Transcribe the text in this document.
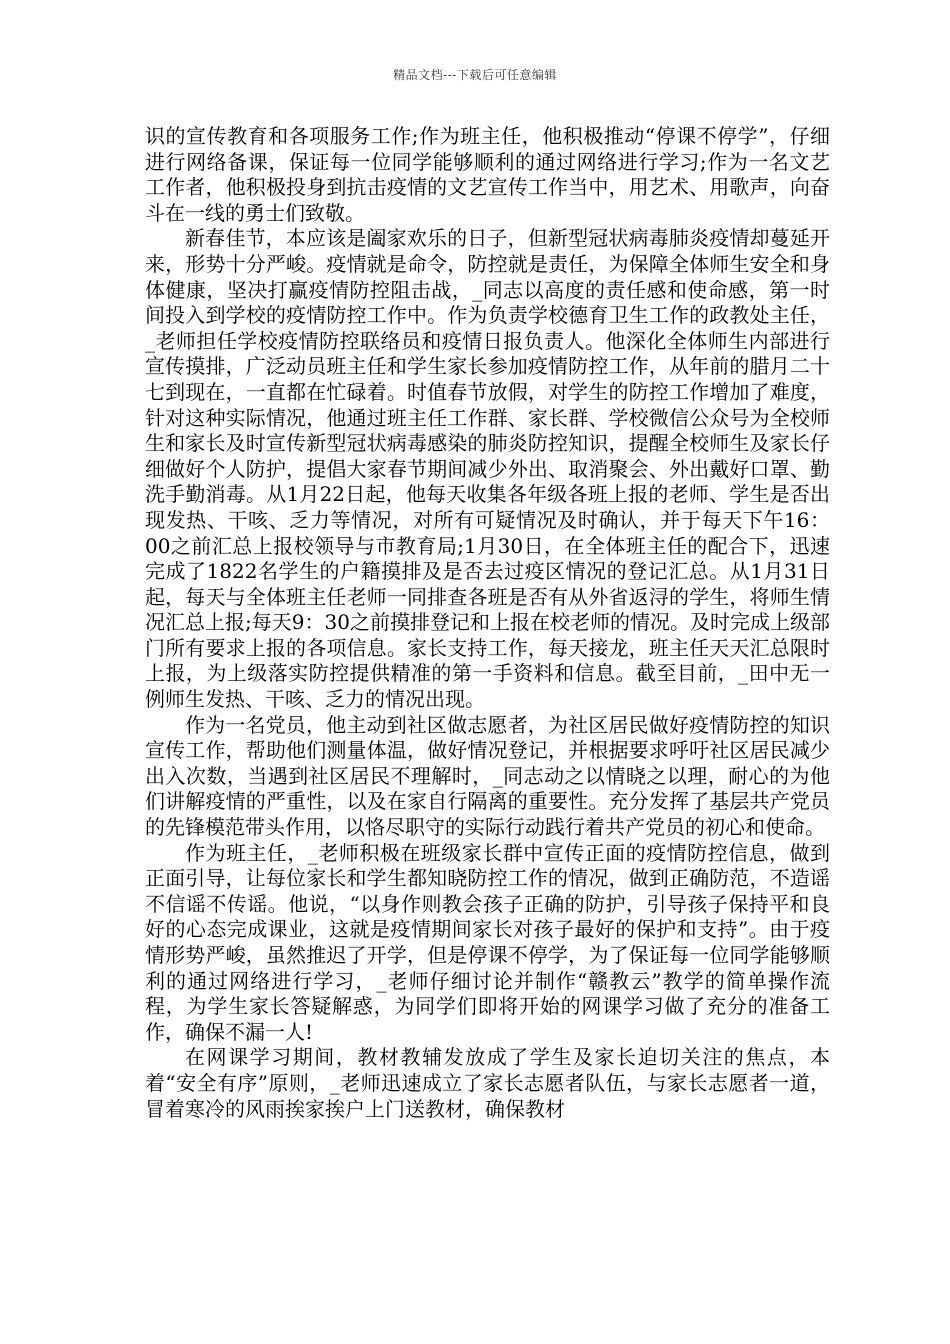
精品文档---下载后可任意编辑

识的宣传教育和各项服务工作;作为班主任，他积极推动“停课不停学”，仔细进行网络备课，保证每一位同学能够顺利的通过网络进行学习;作为一名文艺工作者，他积极投身到抗击疫情的文艺宣传工作当中，用艺术、用歌声，向奋斗在一线的勇士们致敬。

新春佳节，本应该是阖家欢乐的日子，但新型冠状病毒肺炎疫情却蔓延开来，形势十分严峻。疫情就是命令，防控就是责任，为保障全体师生安全和身体健康，坚决打赢疫情防控阻击战，_同志以高度的责任感和使命感，第一时间投入到学校的疫情防控工作中。作为负责学校德育卫生工作的政教处主任，_老师担任学校疫情防控联络员和疫情日报负责人。他深化全体师生内部进行宣传摸排，广泛动员班主任和学生家长参加疫情防控工作，从年前的腊月二十七到现在，一直都在忙碌着。时值春节放假，对学生的防控工作增加了难度，针对这种实际情况，他通过班主任工作群、家长群、学校微信公众号为全校师生和家长及时宣传新型冠状病毒感染的肺炎防控知识，提醒全校师生及家长仔细做好个人防护，提倡大家春节期间减少外出、取消聚会、外出戴好口罩、勤洗手勤消毒。从1月22日起，他每天收集各年级各班上报的老师、学生是否出现发热、干咳、乏力等情况，对所有可疑情况及时确认，并于每天下午16：00之前汇总上报校领导与市教育局;1月30日，在全体班主任的配合下，迅速完成了1822名学生的户籍摸排及是否去过疫区情况的登记汇总。从1月31日起，每天与全体班主任老师一同排查各班是否有从外省返浔的学生，将师生情况汇总上报;每天9：30之前摸排登记和上报在校老师的情况。及时完成上级部门所有要求上报的各项信息。家长支持工作，每天接龙，班主任天天汇总限时上报，为上级落实防控提供精准的第一手资料和信息。截至目前，_田中无一例师生发热、干咳、乏力的情况出现。

作为一名党员，他主动到社区做志愿者，为社区居民做好疫情防控的知识宣传工作，帮助他们测量体温，做好情况登记，并根据要求呼吁社区居民减少出入次数，当遇到社区居民不理解时，_同志动之以情晓之以理，耐心的为他们讲解疫情的严重性，以及在家自行隔离的重要性。充分发挥了基层共产党员的先锋模范带头作用，以恪尽职守的实际行动践行着共产党员的初心和使命。

作为班主任，_老师积极在班级家长群中宣传正面的疫情防控信息，做到正面引导，让每位家长和学生都知晓防控工作的情况，做到正确防范，不造谣不信谣不传谣。他说，“以身作则教会孩子正确的防护，引导孩子保持平和良好的心态完成课业，这就是疫情期间家长对孩子最好的保护和支持”。由于疫情形势严峻，虽然推迟了开学，但是停课不停学，为了保证每一位同学能够顺利的通过网络进行学习，_老师仔细讨论并制作“赣教云”教学的简单操作流程，为学生家长答疑解惑，为同学们即将开始的网课学习做了充分的准备工作，确保不漏一人!

在网课学习期间，教材教辅发放成了学生及家长迫切关注的焦点，本着“安全有序”原则，_老师迅速成立了家长志愿者队伍，与家长志愿者一道，冒着寒冷的风雨挨家挨户上门送教材，确保教材
